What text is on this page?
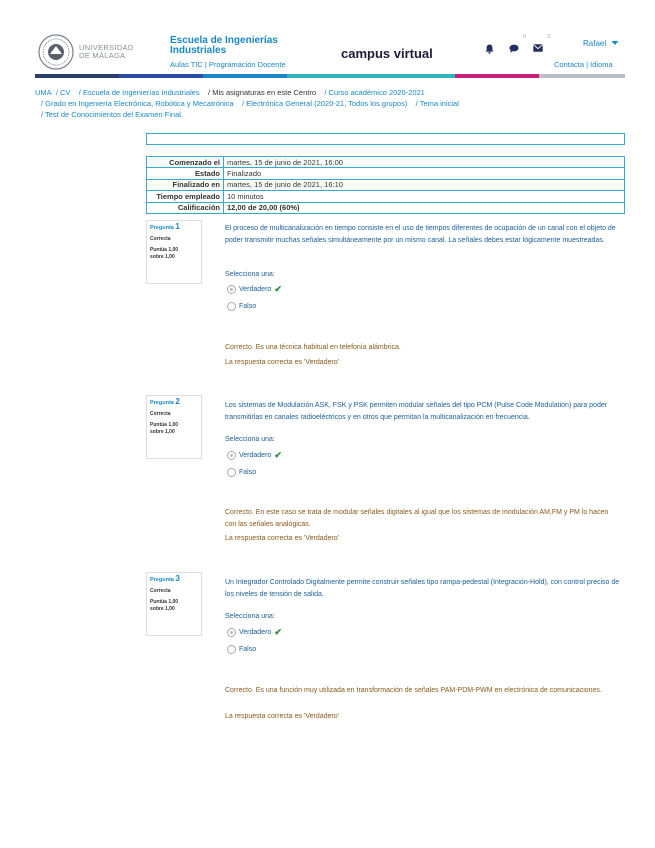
UNIVERSIDAD
DE MÁLAGA
Escuela de Ingenierías Industriales
Aulas TIC | Programación Docente
campus virtual
0	3
Rafael
Contacta | Idioma
UMA / CV / Escuela de Ingenierías Industriales / Mis asignaturas en este Centro / Curso académico 2020-2021
/ Grado en Ingeniería Electrónica, Robótica y Mecatrónica / Electrónica General (2020-21, Todos los grupos) / Tema inicial
/ Test de Conocimientos del Examen Final.
Comenzado el	martes, 15 de junio de 2021, 16:00
Estado	Finalizado
Finalizado en	martes, 15 de junio de 2021, 16:10
Tiempo empleado	10 minutos
Calificación	12,00 de 20,00 (60%)
Pregunta 1
Correcta
Puntúa 1,00
sobre 1,00
El proceso de multicanalización en tiempo consiste en el uso de tiempos diferentes de ocupación de un canal con el objeto de poder transmitir muchas señales simultáneamente por un mismo canal. La señales debes estar lógicamente muestreadas.
Selecciona una:
Verdadero ✔
Falso
Correcto. Es una técnica habitual en telefonía alámbrica.
La respuesta correcta es 'Verdadero'
Pregunta 2
Correcta
Puntúa 1,00
sobre 1,00
Los sistemas de Modulación ASK, FSK y PSK permiten modular señales del tipo PCM (Pulse Code Modulation) para poder transmitirlas en canales radioeléctricos y en otros que permitan la multicanalización en frecuencia.
Selecciona una:
Verdadero ✔
Falso
Correcto. En este caso se trata de modular señales digitales al igual que los sistemas de modulación AM,FM y PM lo hacen con las señales analógicas.
La respuesta correcta es 'Verdadero'
Pregunta 3
Correcta
Puntúa 1,00
sobre 1,00
Un Integrador Controlado Digitalmente permite construir señales tipo rampa-pedestal (Integración-Hold), con control preciso de los niveles de tensión de salida.
Selecciona una:
Verdadero ✔
Falso
Correcto. Es una función muy utilizada en transformación de señales PAM-PDM-PWM en electrónica de comunicaciones.
La respuesta correcta es 'Verdadero'
